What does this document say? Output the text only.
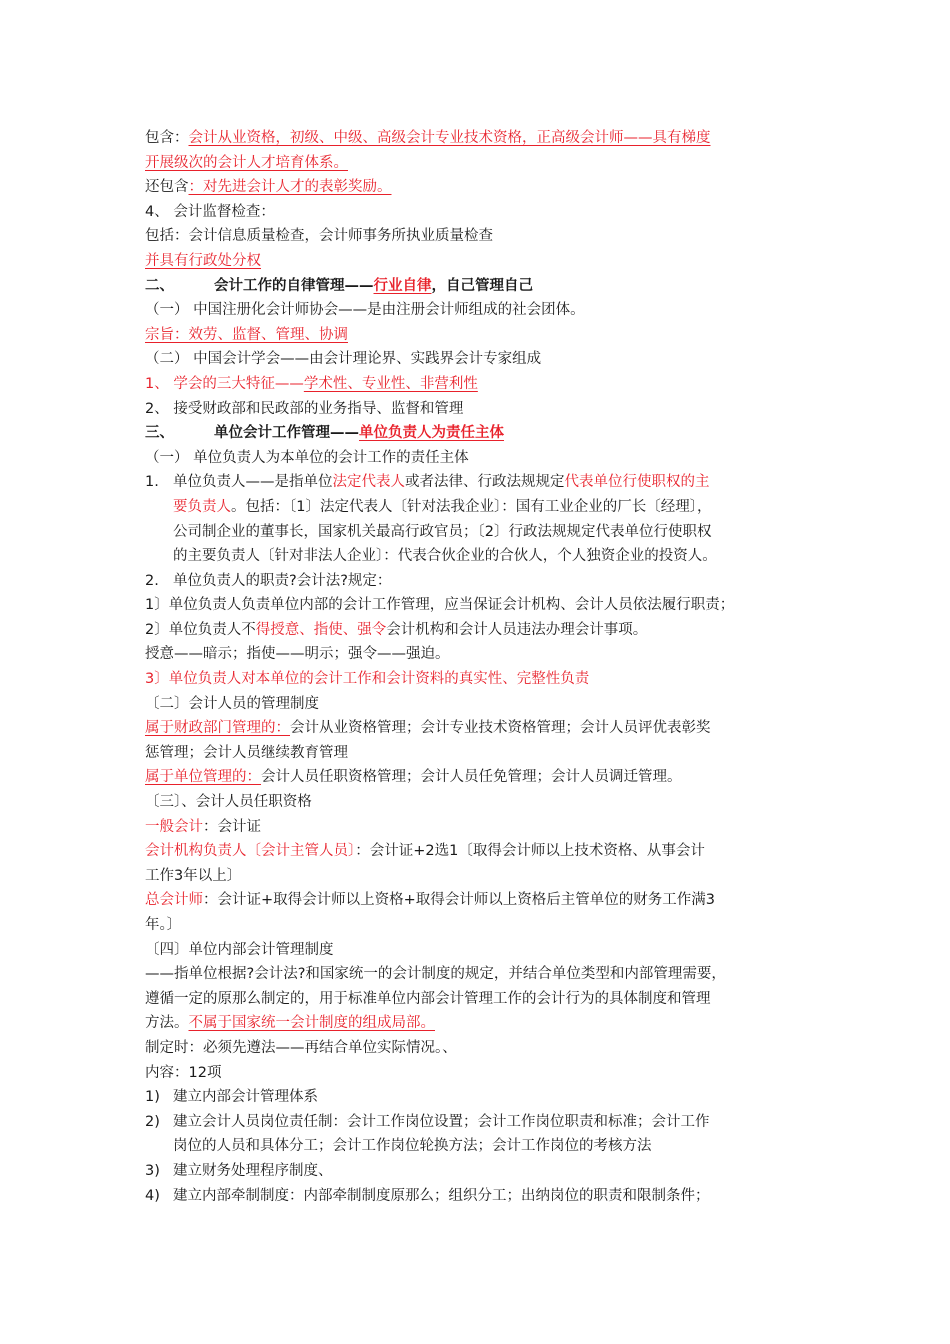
包含：会计从业资格，初级、中级、高级会计专业技术资格，正高级会计师——具有梯度
开展级次的会计人才培育体系。
还包含：对先进会计人才的表彰奖励。
4、 会计监督检查：
包括：会计信息质量检查，会计师事务所执业质量检查
并具有行政处分权
二、	会计工作的自律管理——行业自律，自己管理自己
（一） 中国注册化会计师协会——是由注册会计师组成的社会团体。
宗旨：效劳、监督、管理、协调
（二） 中国会计学会——由会计理论界、实践界会计专家组成
1、 学会的三大特征——学术性、专业性、非营利性
2、 接受财政部和民政部的业务指导、监督和管理
三、	单位会计工作管理——单位负责人为责任主体
（一） 单位负责人为本单位的会计工作的责任主体
1. 单位负责人——是指单位法定代表人或者法律、行政法规规定代表单位行使职权的主
要负责人。包括：〔1〕法定代表人〔针对法我企业〕：国有工业企业的厂长〔经理〕，
公司制企业的董事长，国家机关最高行政官员；〔2〕行政法规规定代表单位行使职权
的主要负责人〔针对非法人企业〕：代表合伙企业的合伙人，个人独资企业的投资人。
2. 单位负责人的职责?会计法?规定：
1〕单位负责人负责单位内部的会计工作管理，应当保证会计机构、会计人员依法履行职责；
2〕单位负责人不得授意、指使、强令会计机构和会计人员违法办理会计事项。
授意——暗示；指使——明示；强令——强迫。
3〕单位负责人对本单位的会计工作和会计资料的真实性、完整性负责
〔二〕会计人员的管理制度
属于财政部门管理的：会计从业资格管理；会计专业技术资格管理；会计人员评优表彰奖
惩管理；会计人员继续教育管理
属于单位管理的：会计人员任职资格管理；会计人员任免管理；会计人员调迁管理。
〔三〕、会计人员任职资格
一般会计：会计证
会计机构负责人〔会计主管人员〕：会计证+2选1〔取得会计师以上技术资格、从事会计
工作3年以上〕
总会计师：会计证+取得会计师以上资格+取得会计师以上资格后主管单位的财务工作满3
年。〕
〔四〕单位内部会计管理制度
——指单位根据?会计法?和国家统一的会计制度的规定，并结合单位类型和内部管理需要，
遵循一定的原那么制定的，用于标准单位内部会计管理工作的会计行为的具体制度和管理
方法。不属于国家统一会计制度的组成局部。
制定时：必须先遵法——再结合单位实际情况。、
内容：12项
1) 建立内部会计管理体系
2) 建立会计人员岗位责任制：会计工作岗位设置；会计工作岗位职责和标准；会计工作
岗位的人员和具体分工；会计工作岗位轮换方法；会计工作岗位的考核方法
3) 建立财务处理程序制度、
4) 建立内部牵制制度：内部牵制制度原那么；组织分工；出纳岗位的职责和限制条件；
